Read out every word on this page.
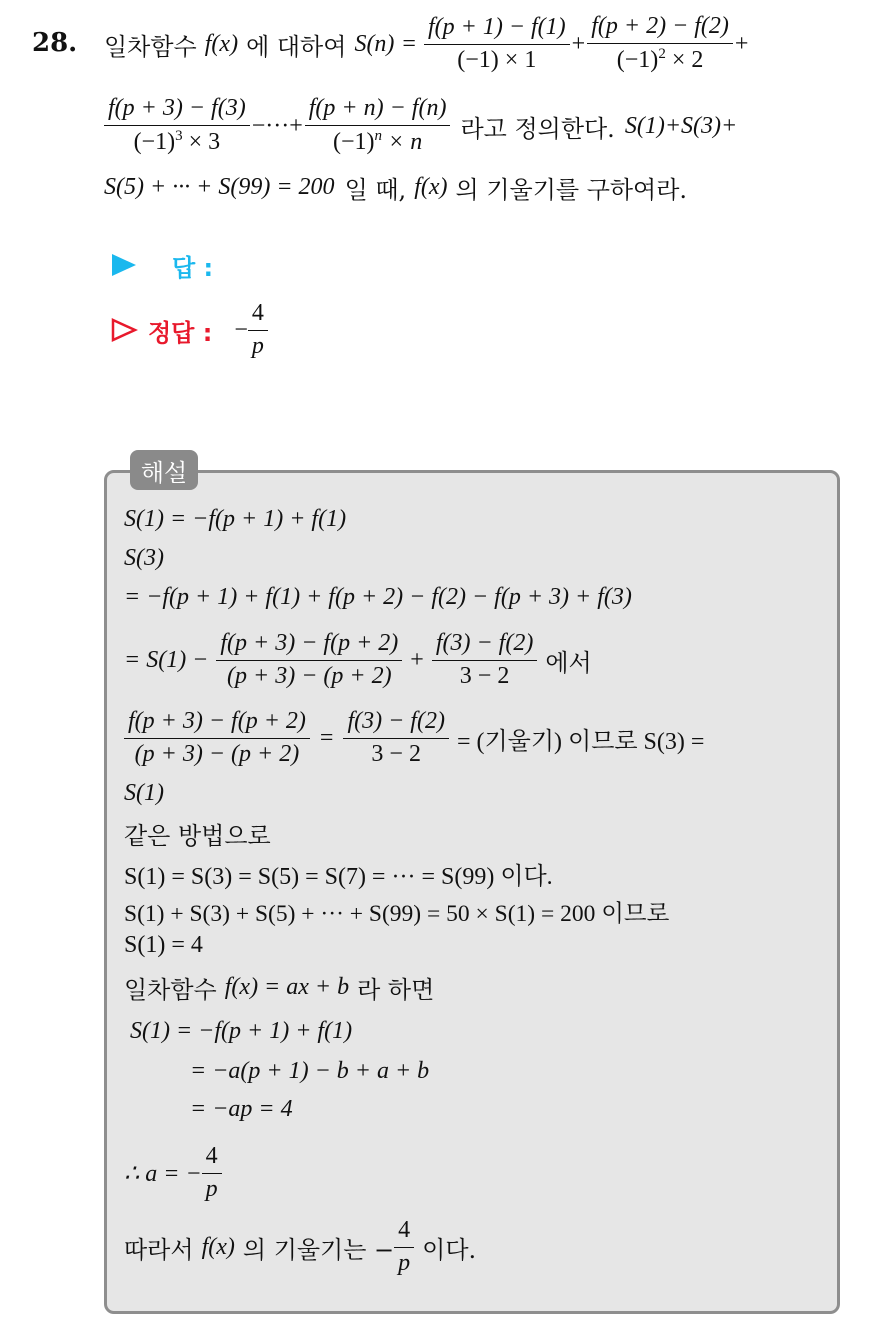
28. 일차함수 f(x) 에 대하여 $S(n) = \frac{f(p + 1) - f(1)}{(-1) \times 1} + \frac{f(p + 2) - f(2)}{(-1)^2 \times 2}$ +
$\frac{f(p + 3) - f(3)}{(-1)^3 \times 3}$ −···+ $\frac{f(p + n) - f(n)}{(-1)^n \times n}$ 라고 정의한다. S(1)+S(3)+
S(5) + ··· + S(99) = 200 일 때, f(x) 의 기울기를 구하여라.
답 :
정답 : − $\frac{4}{p}$
해설
S(1) = −f(p + 1) + f(1)
S(3)
= −f(p + 1) + f(1) + f(p + 2) − f(2) − f(p + 3) + f(3)
= $S(1) - \frac{f(p + 3) - f(p + 2)}{(p + 3) - (p + 2)} + \frac{f(3) - f(2)}{3 - 2}$ 에서
$\frac{f(p + 3) - f(p + 2)}{(p + 3) - (p + 2)} = \frac{f(3) - f(2)}{3 - 2}$ = (기울기) 이므로 S(3) =
S(1)
같은 방법으로
S(1) = S(3) = S(5) = S(7) = ··· = S(99) 이다.
S(1) + S(3) + S(5) + ··· + S(99) = 50 × S(1) = 200 이므로
S(1) = 4
일차함수 f(x) = ax + b 라 하면
S(1) = −f(p + 1) + f(1)
= −a(p + 1) − b + a + b
= −ap = 4
∴ a = − $\frac{4}{p}$
따라서 f(x) 의 기울기는 − $\frac{4}{p}$ 이다.
